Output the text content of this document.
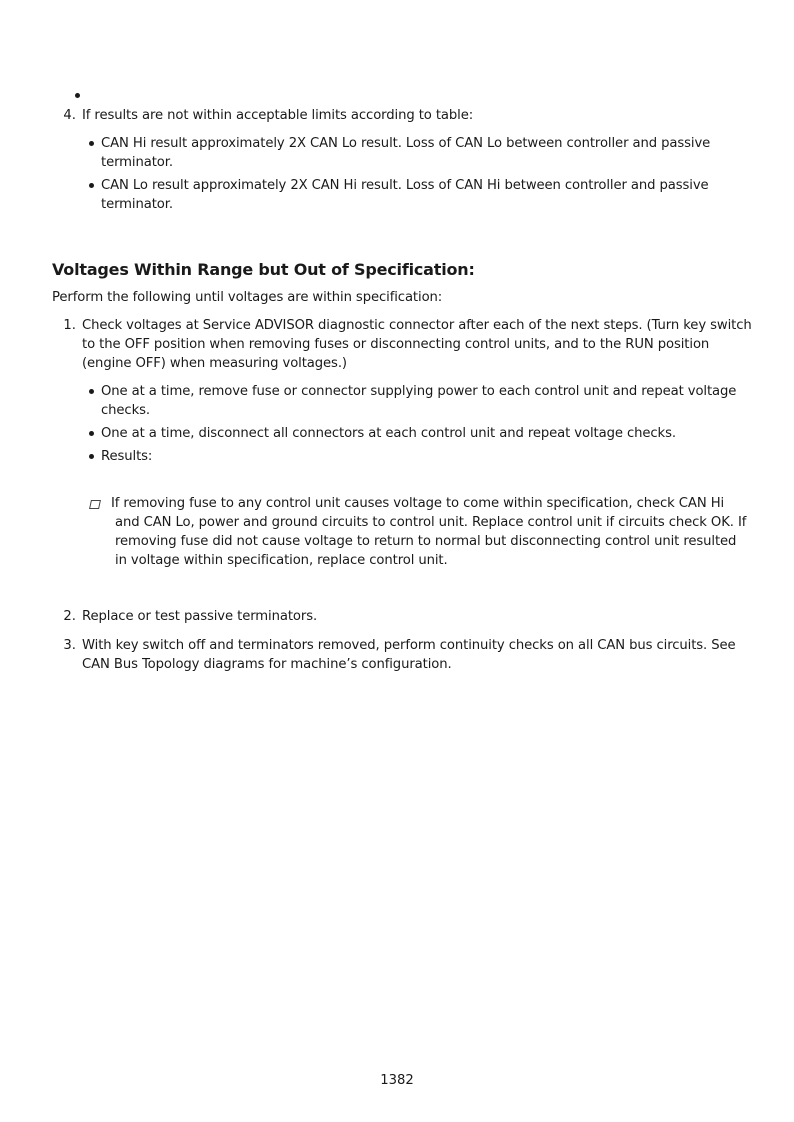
4. If results are not within acceptable limits according to table:
CAN Hi result approximately 2X CAN Lo result. Loss of CAN Lo between controller and passive
terminator.
CAN Lo result approximately 2X CAN Hi result. Loss of CAN Hi between controller and passive
terminator.
Voltages Within Range but Out of Specification:
Perform the following until voltages are within specification:
1. Check voltages at Service ADVISOR diagnostic connector after each of the next steps. (Turn key switch
to the OFF position when removing fuses or disconnecting control units, and to the RUN position
(engine OFF) when measuring voltages.)
One at a time, remove fuse or connector supplying power to each control unit and repeat voltage
checks.
One at a time, disconnect all connectors at each control unit and repeat voltage checks.
Results:
If removing fuse to any control unit causes voltage to come within specification, check CAN Hi
and CAN Lo, power and ground circuits to control unit. Replace control unit if circuits check OK. If
removing fuse did not cause voltage to return to normal but disconnecting control unit resulted
in voltage within specification, replace control unit.
2. Replace or test passive terminators.
3. With key switch off and terminators removed, perform continuity checks on all CAN bus circuits. See
CAN Bus Topology diagrams for machine’s configuration.
1382
